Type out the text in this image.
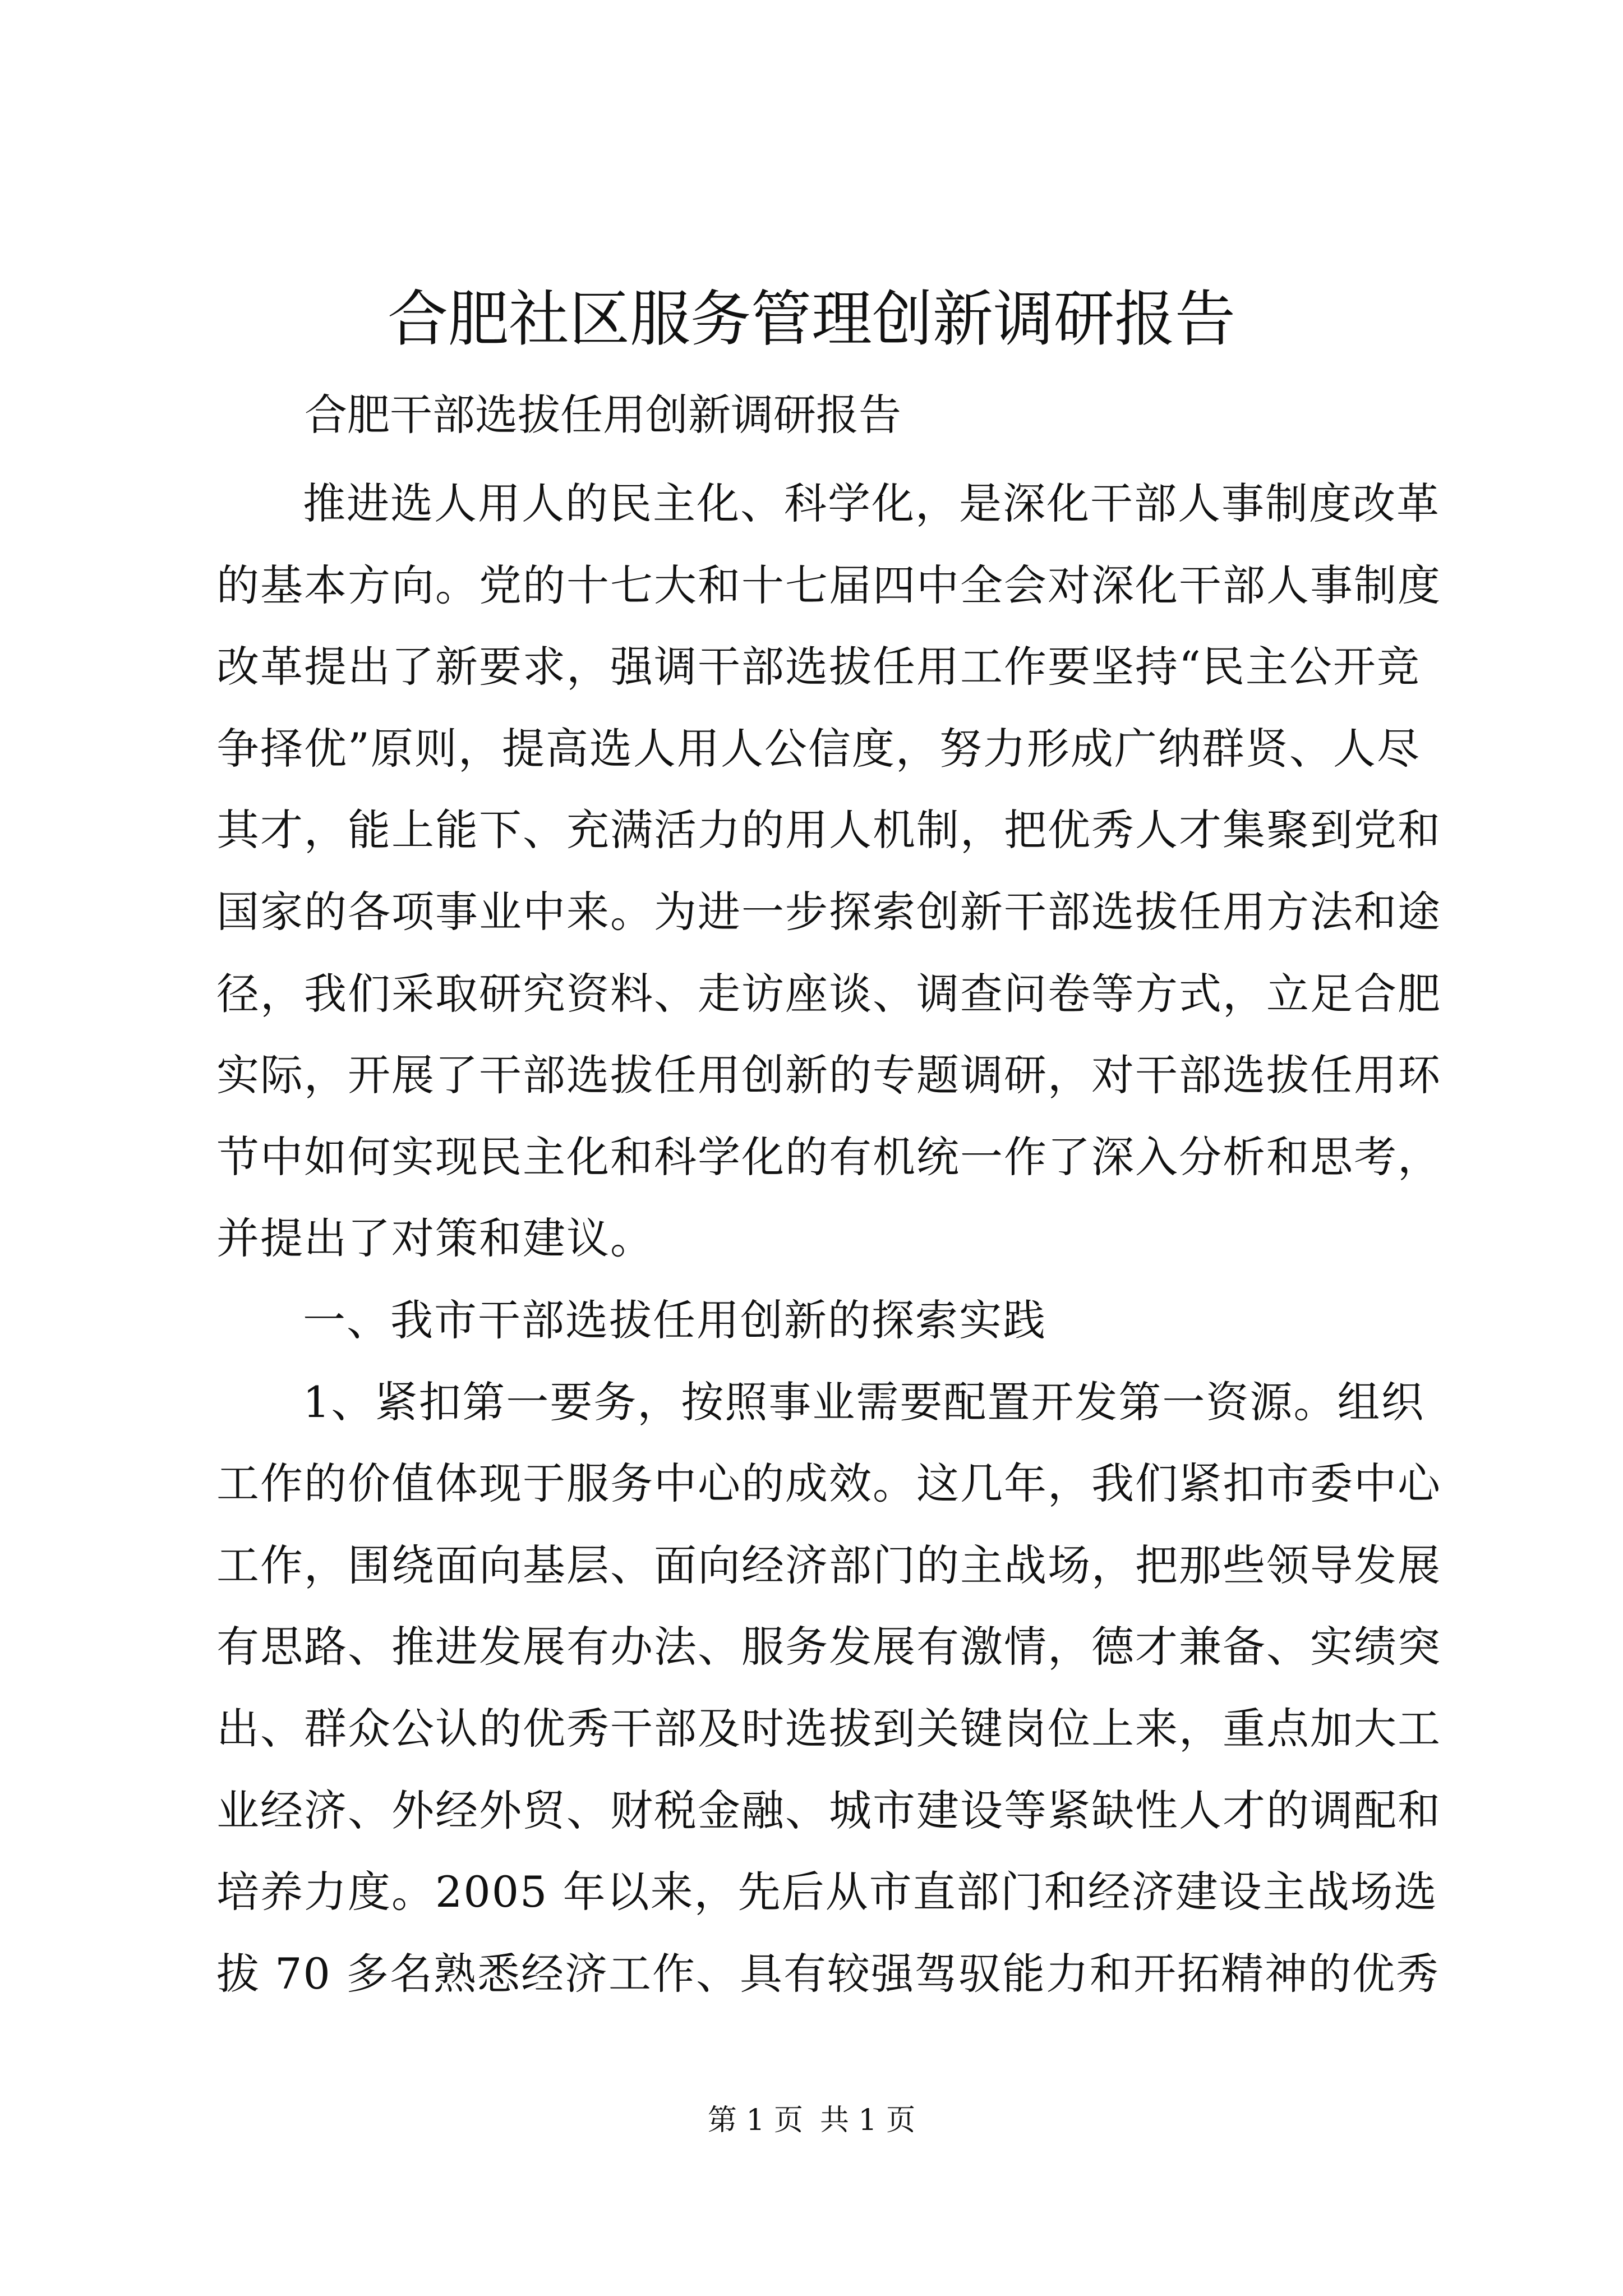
合肥社区服务管理创新调研报告

合肥干部选拔任用创新调研报告

推进选人用人的民主化、科学化，是深化干部人事制度改革
的基本方向。党的十七大和十七届四中全会对深化干部人事制度
改革提出了新要求，强调干部选拔任用工作要坚持“民主公开竞
争择优”原则，提高选人用人公信度，努力形成广纳群贤、人尽
其才，能上能下、充满活力的用人机制，把优秀人才集聚到党和
国家的各项事业中来。为进一步探索创新干部选拔任用方法和途
径，我们采取研究资料、走访座谈、调查问卷等方式，立足合肥
实际，开展了干部选拔任用创新的专题调研，对干部选拔任用环
节中如何实现民主化和科学化的有机统一作了深入分析和思考，
并提出了对策和建议。
一、我市干部选拔任用创新的探索实践
1、紧扣第一要务，按照事业需要配置开发第一资源。组织
工作的价值体现于服务中心的成效。这几年，我们紧扣市委中心
工作，围绕面向基层、面向经济部门的主战场，把那些领导发展
有思路、推进发展有办法、服务发展有激情，德才兼备、实绩突
出、群众公认的优秀干部及时选拔到关键岗位上来，重点加大工
业经济、外经外贸、财税金融、城市建设等紧缺性人才的调配和
培养力度。2005 年以来，先后从市直部门和经济建设主战场选
拔 70 多名熟悉经济工作、具有较强驾驭能力和开拓精神的优秀
第 1 页 共 1 页
